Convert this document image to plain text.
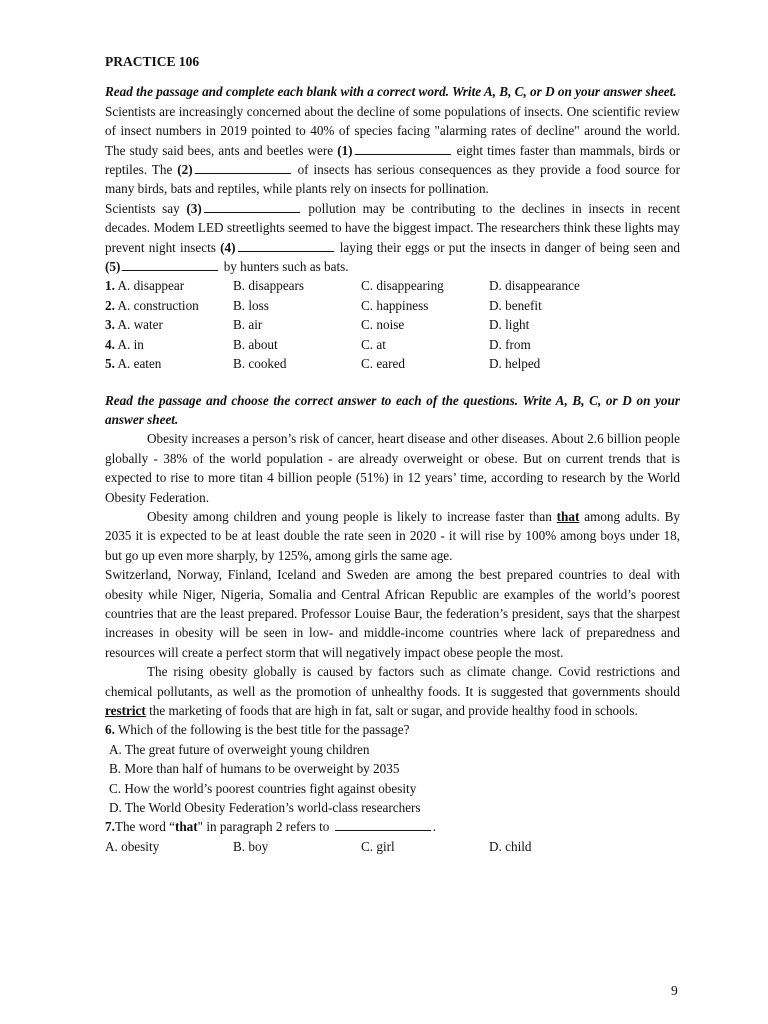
PRACTICE 106
Read the passage and complete each blank with a correct word. Write A, B, C, or D on your answer sheet.

Scientists are increasingly concerned about the decline of some populations of insects. One scientific review of insect numbers in 2019 pointed to 40% of species facing "alarming rates of decline" around the world. The study said bees, ants and beetles were (1)	eight times faster than mammals, birds or reptiles. The (2)	of insects has serious consequences as they provide a food source for many birds, bats and reptiles, while plants rely on insects for pollination.

Scientists say (3)	pollution may be contributing to the declines in insects in recent decades. Modem LED streetlights seemed to have the biggest impact. The researchers think these lights may prevent night insects (4)	laying their eggs or put the insects in danger of being seen and (5)	by hunters such as bats.

1. A. disappear	B. disappears	C. disappearing	D. disappearance
2. A. construction	B. loss	C. happiness	D. benefit
3. A. water	B. air	C. noise	D. light
4. A. in	B. about	C. at	D. from
5. A. eaten	B. cooked	C. eared	D. helped
Read the passage and choose the correct answer to each of the questions. Write A, B, C, or D on your answer sheet.

Obesity increases a person’s risk of cancer, heart disease and other diseases. About 2.6 billion people globally - 38% of the world population - are already overweight or obese. But on current trends that is expected to rise to more titan 4 billion people (51%) in 12 years’ time, according to research by the World Obesity Federation.

Obesity among children and young people is likely to increase faster than that among adults. By 2035 it is expected to be at least double the rate seen in 2020 - it will rise by 100% among boys under 18, but go up even more sharply, by 125%, among girls the same age.

Switzerland, Norway, Finland, Iceland and Sweden are among the best prepared countries to deal with obesity while Niger, Nigeria, Somalia and Central African Republic are examples of the world’s poorest countries that are the least prepared. Professor Louise Baur, the federation’s president, says that the sharpest increases in obesity will be seen in low- and middle-income countries where lack of preparedness and resources will create a perfect storm that will negatively impact obese people the most.

The rising obesity globally is caused by factors such as climate change. Covid restrictions and chemical pollutants, as well as the promotion of unhealthy foods. It is suggested that governments should restrict the marketing of foods that are high in fat, salt or sugar, and provide healthy food in schools.

6. Which of the following is the best title for the passage?

A. The great future of overweight young children

B. More than half of humans to be overweight by 2035

C. How the world’s poorest countries fight against obesity

D. The World Obesity Federation’s world-class researchers

7.The word “that" in paragraph 2 refers to	.

A. obesity	B. boy	C. girl	D. child
9
